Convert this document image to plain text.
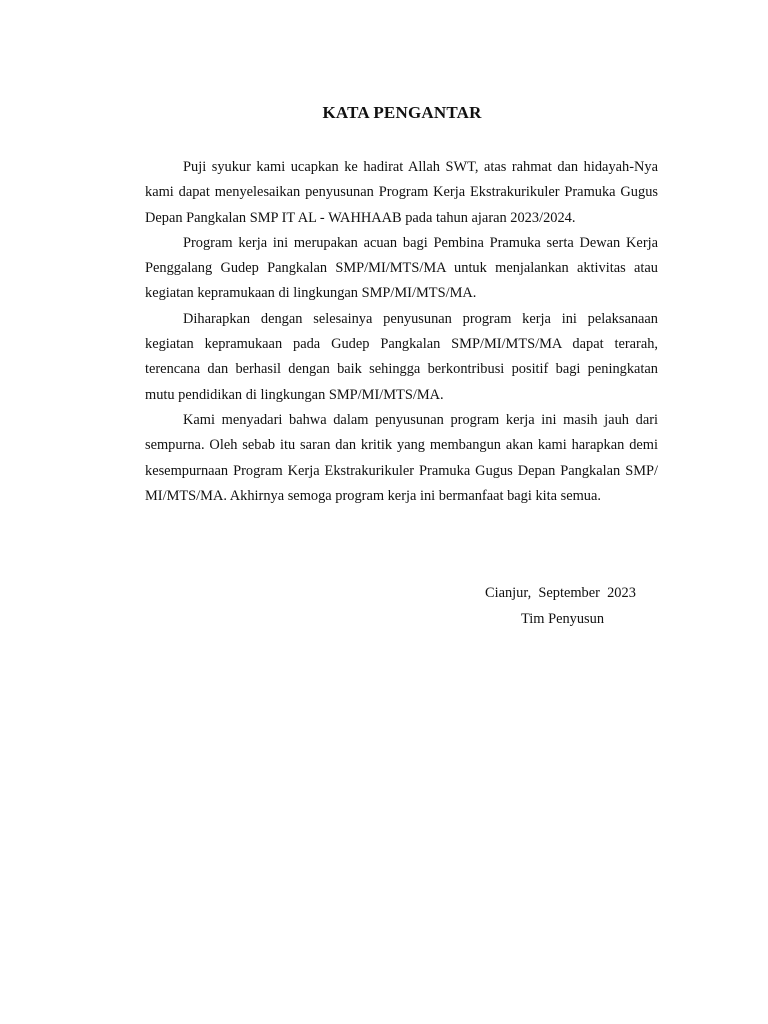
KATA PENGANTAR

Puji syukur kami ucapkan ke hadirat Allah SWT, atas rahmat dan hidayah-Nya kami dapat menyelesaikan penyusunan Program Kerja Ekstrakurikuler Pramuka Gugus Depan Pangkalan SMP IT AL - WAHHAAB pada tahun ajaran 2023/2024.

Program kerja ini merupakan acuan bagi Pembina Pramuka serta Dewan Kerja Penggalang Gudep Pangkalan SMP/MI/MTS/MA untuk menjalankan aktivitas atau kegiatan kepramukaan di lingkungan SMP/MI/MTS/MA.

Diharapkan dengan selesainya penyusunan program kerja ini pelaksanaan kegiatan kepramukaan pada Gudep Pangkalan SMP/MI/MTS/MA dapat terarah, terencana dan berhasil dengan baik sehingga berkontribusi positif bagi peningkatan mutu pendidikan di lingkungan SMP/MI/MTS/MA.

Kami menyadari bahwa dalam penyusunan program kerja ini masih jauh dari sempurna. Oleh sebab itu saran dan kritik yang membangun akan kami harapkan demi kesempurnaan Program Kerja Ekstrakurikuler Pramuka Gugus Depan Pangkalan SMP/ MI/MTS/MA. Akhirnya semoga program kerja ini bermanfaat bagi kita semua.

Cianjur,  September  2023

Tim Penyusun
